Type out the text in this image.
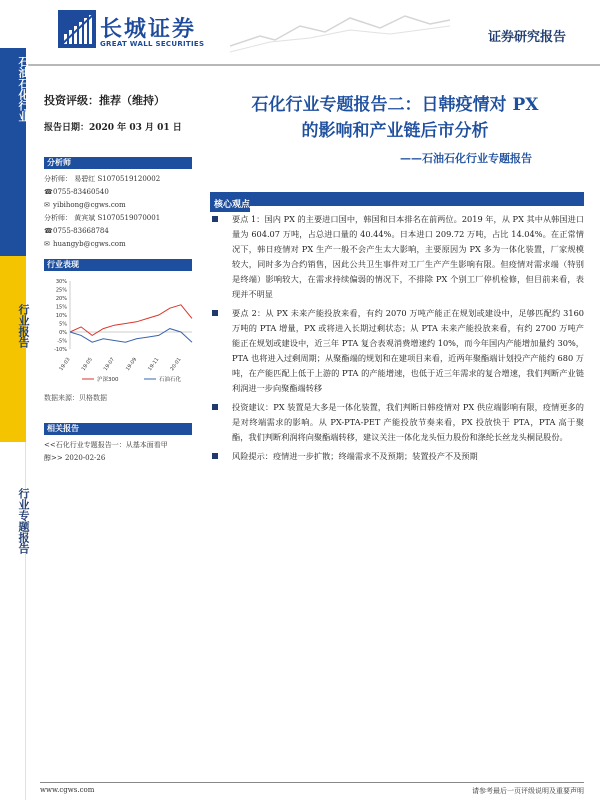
长城证券
GREAT WALL SECURITIES	证券研究报告
石油石化行业
行业报告
行业专题报告
投资评级：推荐（维持）
报告日期：2020 年 03 月 01 日
分析师
分析师： 易碧红 S1070519120002
☎0755-83460540
✉ yibihong@cgws.com
分析师： 黄宾斌 S1070519070001
☎0755-83668784
✉ huangyb@cgws.com
行业表现
30%
25%
20%
15%
10%
5%
0%
-5%
-10%
19-03 19-05 19-07 19-09 19-11 20-01
沪深300	石油石化
数据来源：贝格数据
相关报告
<<石化行业专题报告一：从基本面看甲
醇>> 2020-02-26
石化行业专题报告二：日韩疫情对 PX
的影响和产业链后市分析
——石油石化行业专题报告
核心观点
要点 1：国内 PX 的主要进口国中，韩国和日本排名在前两位。2019 年，从 PX 其中从韩国进口量为 604.07 万吨，占总进口量的 40.44%。日本进口 209.72 万吨，占比 14.04%。在正常情况下，韩日疫情对 PX 生产一般不会产生太大影响，主要原因为 PX 多为一体化装置，厂家规模较大，同时多为合约销售，因此公共卫生事件对工厂生产产生影响有限。但疫情对需求端（特别是终端）影响较大，在需求持续偏弱的情况下，不排除 PX 个别工厂停机检修，但目前来看，表现并不明显
要点 2：从 PX 未来产能投放来看，有约 2070 万吨产能正在规划或建设中，足够匹配约 3160 万吨的 PTA 增量，PX 或将进入长期过剩状态；从 PTA 未来产能投放来看，有约 2700 万吨产能正在规划或建设中，近三年 PTA 复合表观消费增速约 10%，而今年国内产能增加量约 30%，PTA 也将进入过剩周期；从聚酯端的规划和在建项目来看，近两年聚酯端计划投产产能约 680 万吨，在产能匹配上低于上游的 PTA 的产能增速，也低于近三年需求的复合增速，我们判断产业链利润进一步向聚酯端转移
投资建议：PX 装置是大多是一体化装置，我们判断日韩疫情对 PX 供应端影响有限，疫情更多的是对终端需求的影响。从 PX-PTA-PET 产能投放节奏来看，PX 投放快于 PTA，PTA 高于聚酯，我们判断利润将向聚酯端转移，建议关注一体化龙头恒力股份和涤纶长丝龙头桐昆股份。
风险提示：疫情进一步扩散；终端需求不及预期；装置投产不及预期
www.cgws.com	请参考最后一页评级说明及重要声明
